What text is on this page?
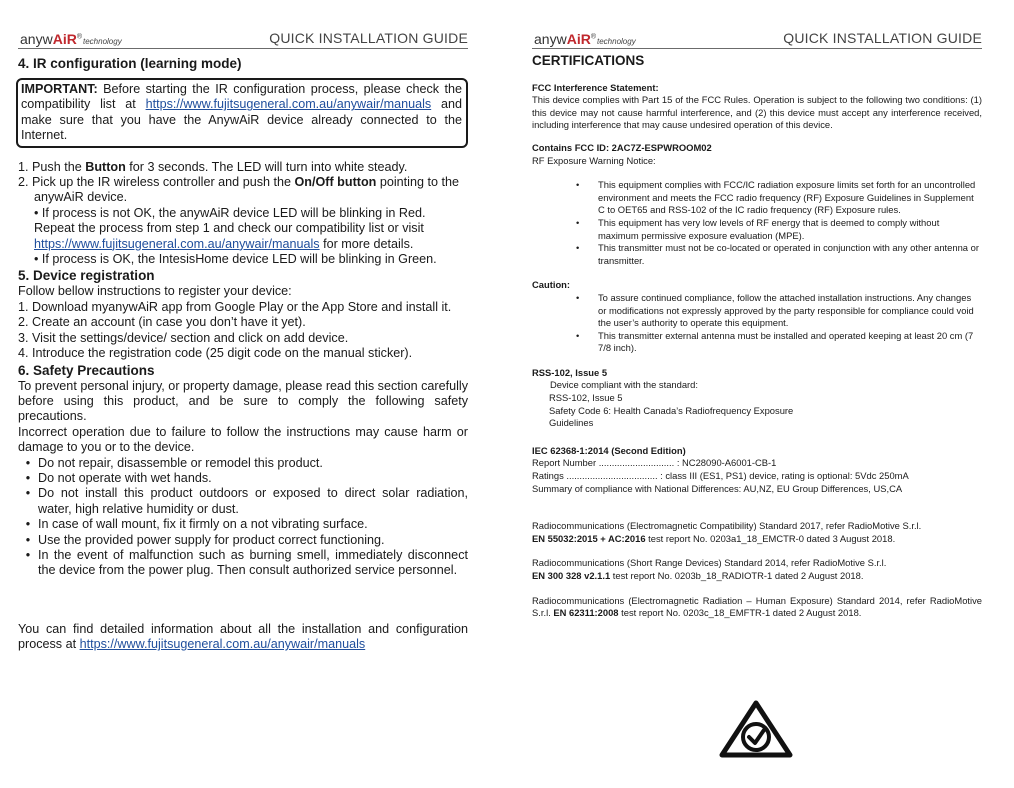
anywAiR®technology	QUICK INSTALLATION GUIDE
4. IR configuration (learning mode)

IMPORTANT: Before starting the IR configuration process, please check the compatibility list at https://www.fujitsugeneral.com.au/anywair/manuals and make sure that you have the AnywAiR device already connected to the Internet.

1. Push the Button for 3 seconds. The LED will turn into white steady.
2. Pick up the IR wireless controller and push the On/Off button pointing to the anywAiR device.
• If process is not OK, the anywAiR device LED will be blinking in Red. Repeat the process from step 1 and check our compatibility list or visit https://www.fujitsugeneral.com.au/anywair/manuals for more details.
• If process is OK, the IntesisHome device LED will be blinking in Green.
5. Device registration

Follow bellow instructions to register your device:

1. Download myanywAiR app from Google Play or the App Store and install it.

2. Create an account (in case you don’t have it yet).

3. Visit the settings/device/ section and click on add device.

4. Introduce the registration code (25 digit code on the manual sticker).

6. Safety Precautions

To prevent personal injury, or property damage, please read this section carefully before using this product, and be sure to comply the following safety precautions.

Incorrect operation due to failure to follow the instructions may cause harm or damage to you or to the device.

• Do not repair, disassemble or remodel this product.
• Do not operate with wet hands.
• Do not install this product outdoors or exposed to direct solar radiation, water, high relative humidity or dust.
• In case of wall mount, fix it firmly on a not vibrating surface.
• Use the provided power supply for product correct functioning.
• In the event of malfunction such as burning smell, immediately disconnect the device from the power plug. Then consult authorized service personnel.

You can find detailed information about all the installation and configuration process at https://www.fujitsugeneral.com.au/anywair/manuals

anywAiR®technology	QUICK INSTALLATION GUIDE
CERTIFICATIONS

FCC Interference Statement:

This device complies with Part 15 of the FCC Rules. Operation is subject to the following two conditions: (1) this device may not cause harmful interference, and (2) this device must accept any interference received, including interference that may cause undesired operation of this device.

Contains FCC ID: 2AC7Z-ESPWROOM02

RF Exposure Warning Notice:

•	This equipment complies with FCC/IC radiation exposure limits set forth for an uncontrolled environment and meets the FCC radio frequency (RF) Exposure Guidelines in Supplement C to OET65 and RSS-102 of the IC radio frequency (RF) Exposure rules.
•	This equipment has very low levels of RF energy that is deemed to comply without maximum permissive exposure evaluation (MPE).
•	This transmitter must not be co-located or operated in conjunction with any other antenna or transmitter.

Caution:

•	To assure continued compliance, follow the attached installation instructions. Any changes or modifications not expressly approved by the party responsible for compliance could void the user’s authority to operate this equipment.
•	This transmitter external antenna must be installed and operated keeping at least 20 cm (7 7/8 inch).

RSS-102, Issue 5

Device compliant with the standard:

RSS-102, Issue 5

Safety Code 6: Health Canada’s Radiofrequency Exposure

Guidelines

IEC 62368-1:2014 (Second Edition)

Report Number ............................. : NC28090-A6001-CB-1

Ratings ................................... : class III (ES1, PS1) device, rating is optional: 5Vdc 250mA

Summary of compliance with National Differences: AU,NZ, EU Group Differences, US,CA

Radiocommunications (Electromagnetic Compatibility) Standard 2017, refer RadioMotive S.r.l.
EN 55032:2015 + AC:2016 test report No. 0203a1_18_EMCTR-0 dated 3 August 2018.

Radiocommunications (Short Range Devices) Standard 2014, refer RadioMotive S.r.l.
EN 300 328 v2.1.1 test report No. 0203b_18_RADIOTR-1 dated 2 August 2018.

Radiocommunications (Electromagnetic Radiation – Human Exposure) Standard 2014, refer RadioMotive S.r.l. EN 62311:2008 test report No. 0203c_18_EMFTR-1 dated 2 August 2018.
